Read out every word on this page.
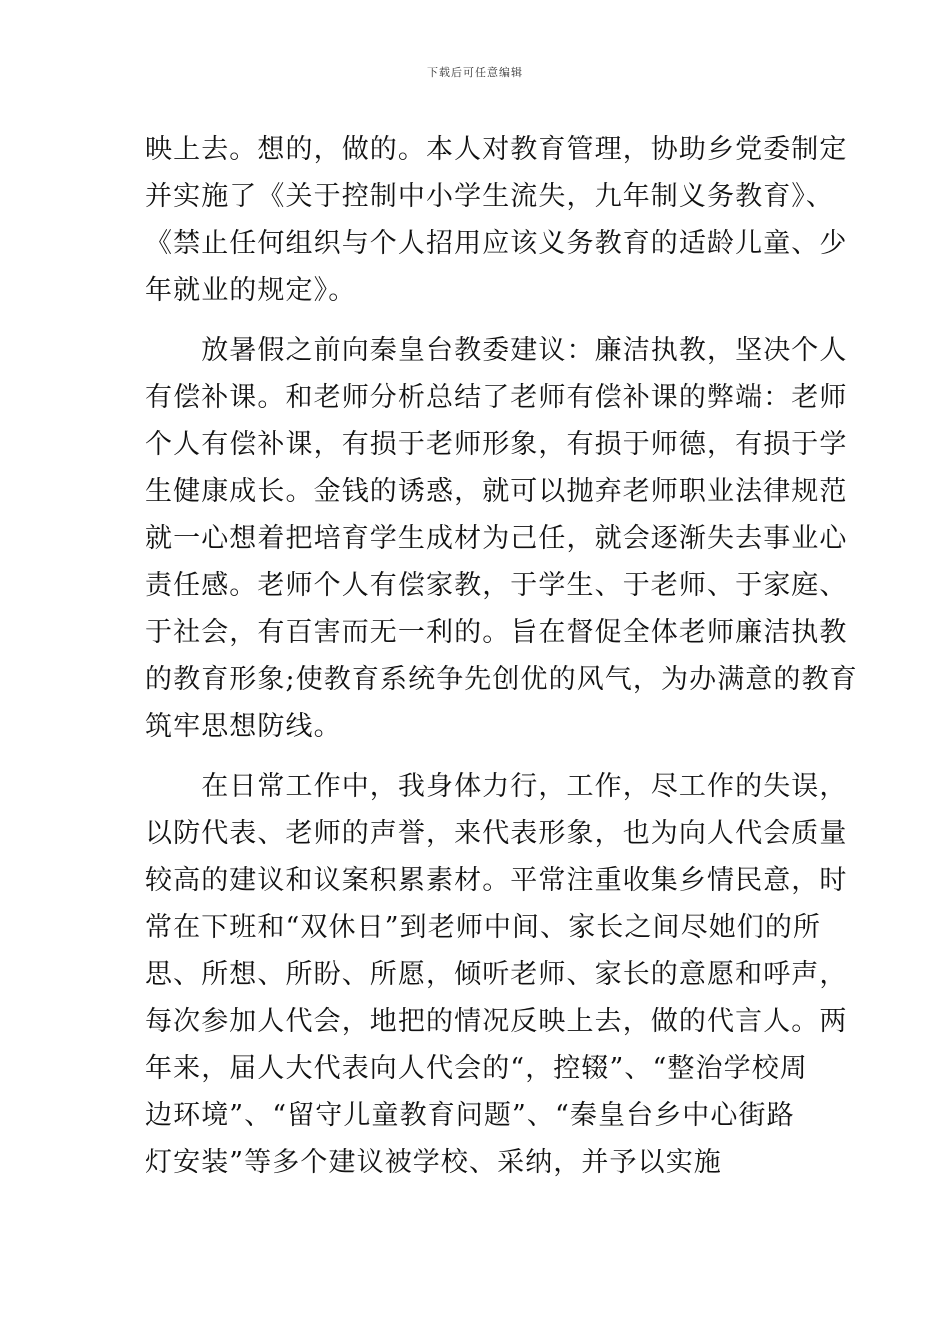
下载后可任意编辑
映上去。想的，做的。本人对教育管理，协助乡党委制定
并实施了《关于控制中小学生流失，九年制义务教育》、
《禁止任何组织与个人招用应该义务教育的适龄儿童、少
年就业的规定》。
　　放暑假之前向秦皇台教委建议：廉洁执教，坚决个人
有偿补课。和老师分析总结了老师有偿补课的弊端：老师
个人有偿补课，有损于老师形象，有损于师德，有损于学
生健康成长。金钱的诱惑，就可以抛弃老师职业法律规范
就一心想着把培育学生成材为己任，就会逐渐失去事业心
责任感。老师个人有偿家教，于学生、于老师、于家庭、
于社会，有百害而无一利的。旨在督促全体老师廉洁执教
的教育形象;使教育系统争先创优的风气，为办满意的教育
筑牢思想防线。
　　在日常工作中，我身体力行，工作，尽工作的失误，
以防代表、老师的声誉，来代表形象，也为向人代会质量
较高的建议和议案积累素材。平常注重收集乡情民意，时
常在下班和“双休日”到老师中间、家长之间尽她们的所
思、所想、所盼、所愿，倾听老师、家长的意愿和呼声，
每次参加人代会，地把的情况反映上去，做的代言人。两
年来，届人大代表向人代会的“，控辍”、“整治学校周
边环境”、“留守儿童教育问题”、“秦皇台乡中心街路
灯安装”等多个建议被学校、采纳，并予以实施
